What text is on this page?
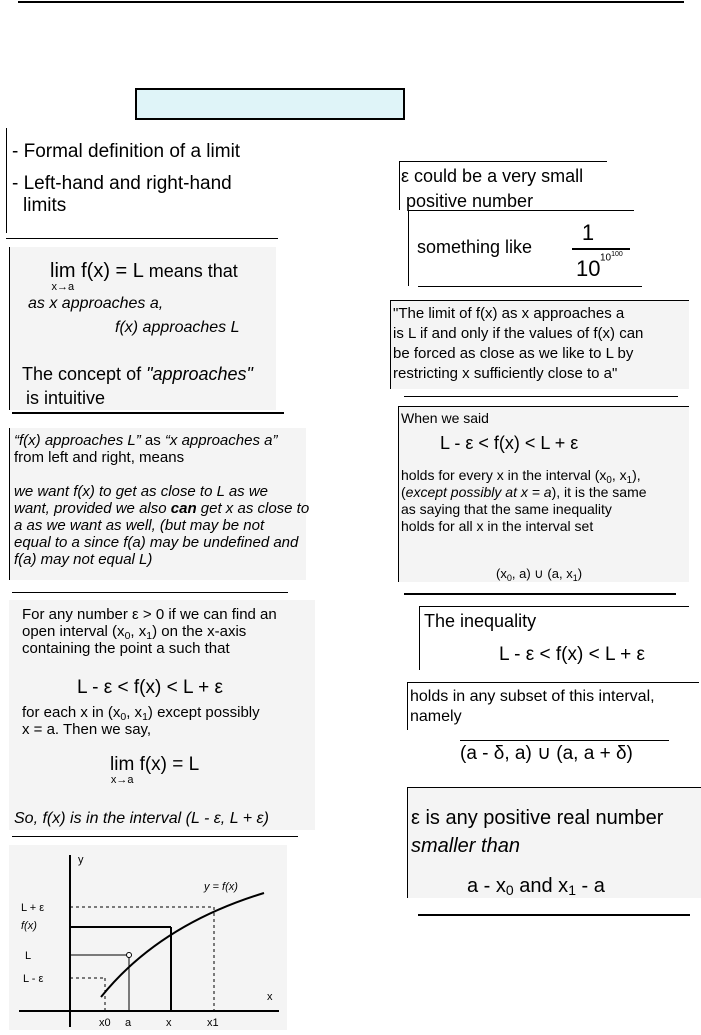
- Formal definition of a limit
- Left-hand and right-hand
limits
lim
x→a
f(x) = L means that
as x approaches a,
f(x) approaches L
The concept of "approaches"
is intuitive
“f(x) approaches L” as “x approaches a”
from left and right, means
we want f(x) to get as close to L as we
want, provided we also can get x as close to
a as we want as well, (but may be not
equal to a since f(a) may be undefined and
f(a) may not equal L)
For any number ε > 0 if we can find an
open interval ($x_0$, $x_1$) on the x-axis
containing the point a such that
L - ε < f(x) < L + ε
for each x in ($x_0$, $x_1$) except possibly
x = a. Then we say,
lim
x→a
f(x) = L
So, f(x) is in the interval (L - ε, L + ε)
y
x
y = f(x)
L + ε
f(x)
L
L - ε
x0 a	x	x1
ε could be a very small
positive number
something like
1
10 $10^{100}$
"The limit of f(x) as x approaches a
is L if and only if the values of f(x) can
be forced as close as we like to L by
restricting x sufficiently close to a"
When we said
L - ε < f(x) < L + ε
holds for every x in the interval ($x_0$, $x_1$),
(except possibly at x = a), it is the same
as saying that the same inequality
holds for all x in the interval set
($x_0$, a) ∪ (a, $x_1$)
The inequality
L - ε < f(x) < L + ε
holds in any subset of this interval,
namely
(a - δ, a) ∪ (a, a + δ)
ε is any positive real number
smaller than
a - $x_0$ and $x_1$ - a
